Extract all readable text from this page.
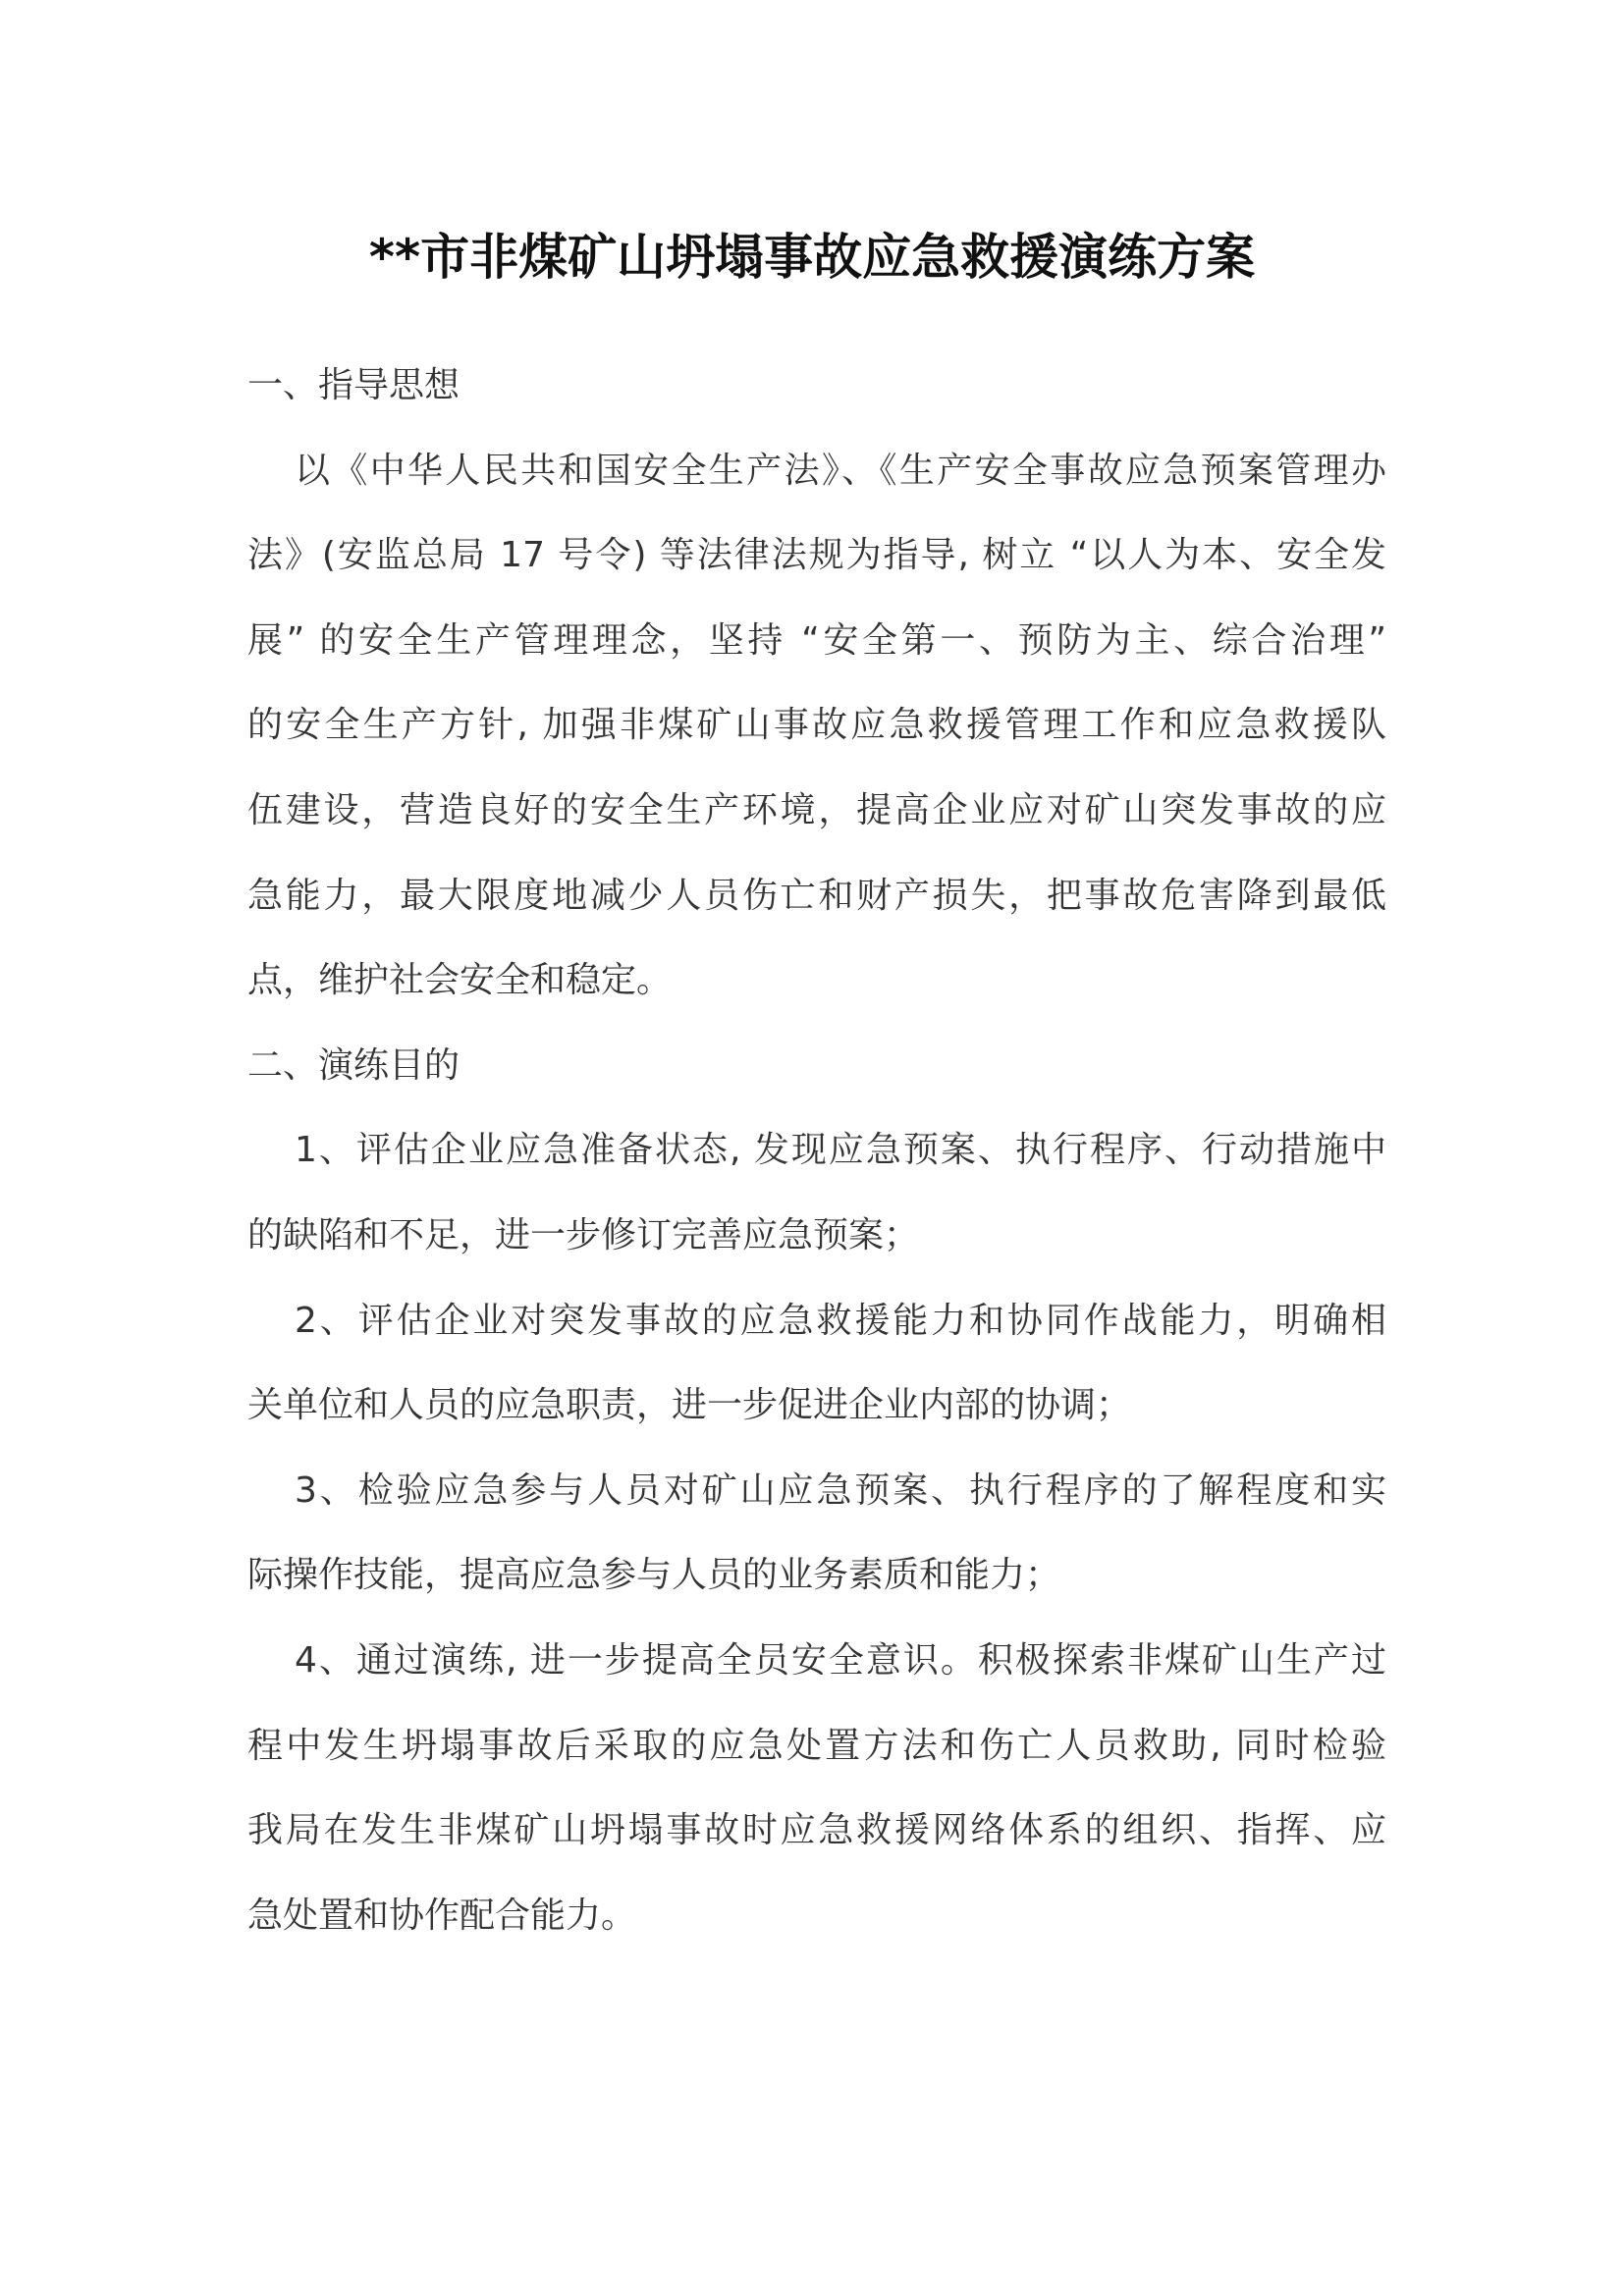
**市非煤矿山坍塌事故应急救援演练方案
一、指导思想
以《中华人民共和国安全生产法》、《生产安全事故应急预案管理办
法》(安监总局 17 号令) 等法律法规为指导, 树立 “以人为本、安全发
展” 的安全生产管理理念，坚持 “安全第一、预防为主、综合治理”
的安全生产方针, 加强非煤矿山事故应急救援管理工作和应急救援队
伍建设，营造良好的安全生产环境，提高企业应对矿山突发事故的应
急能力，最大限度地减少人员伤亡和财产损失，把事故危害降到最低
点，维护社会安全和稳定。
二、演练目的
1、评估企业应急准备状态, 发现应急预案、执行程序、行动措施中
的缺陷和不足，进一步修订完善应急预案；
2、评估企业对突发事故的应急救援能力和协同作战能力，明确相
关单位和人员的应急职责，进一步促进企业内部的协调；
3、检验应急参与人员对矿山应急预案、执行程序的了解程度和实
际操作技能，提高应急参与人员的业务素质和能力；
4、通过演练, 进一步提高全员安全意识。积极探索非煤矿山生产过
程中发生坍塌事故后采取的应急处置方法和伤亡人员救助, 同时检验
我局在发生非煤矿山坍塌事故时应急救援网络体系的组织、指挥、应
急处置和协作配合能力。
